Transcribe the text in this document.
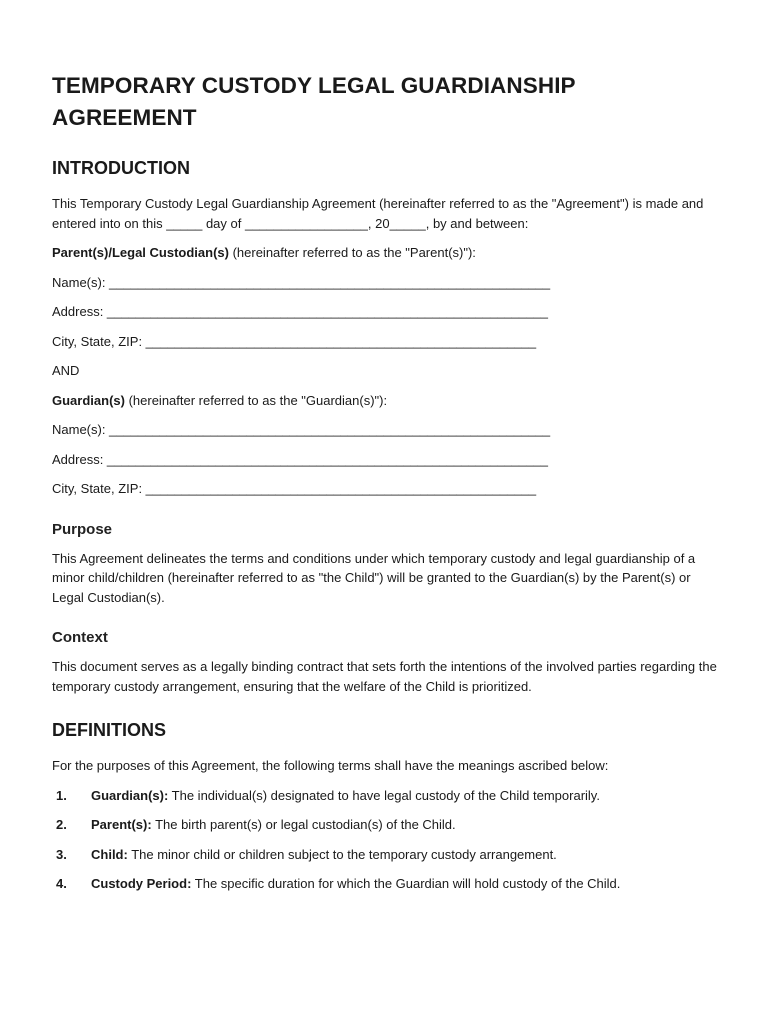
TEMPORARY CUSTODY LEGAL GUARDIANSHIP AGREEMENT
INTRODUCTION

This Temporary Custody Legal Guardianship Agreement (hereinafter referred to as the "Agreement") is made and entered into on this _____ day of _________________, 20_____, by and between:

Parent(s)/Legal Custodian(s) (hereinafter referred to as the "Parent(s)"):

Name(s): _____________________________________________________________

Address: _____________________________________________________________

City, State, ZIP: ______________________________________________________

AND

Guardian(s) (hereinafter referred to as the "Guardian(s)"):

Name(s): _____________________________________________________________

Address: _____________________________________________________________

City, State, ZIP: ______________________________________________________

Purpose

This Agreement delineates the terms and conditions under which temporary custody and legal guardianship of a minor child/children (hereinafter referred to as "the Child") will be granted to the Guardian(s) by the Parent(s) or Legal Custodian(s).

Context

This document serves as a legally binding contract that sets forth the intentions of the involved parties regarding the temporary custody arrangement, ensuring that the welfare of the Child is prioritized.

DEFINITIONS

For the purposes of this Agreement, the following terms shall have the meanings ascribed below:

1. Guardian(s): The individual(s) designated to have legal custody of the Child temporarily.
2. Parent(s): The birth parent(s) or legal custodian(s) of the Child.
3. Child: The minor child or children subject to the temporary custody arrangement.
4. Custody Period: The specific duration for which the Guardian will hold custody of the Child.
